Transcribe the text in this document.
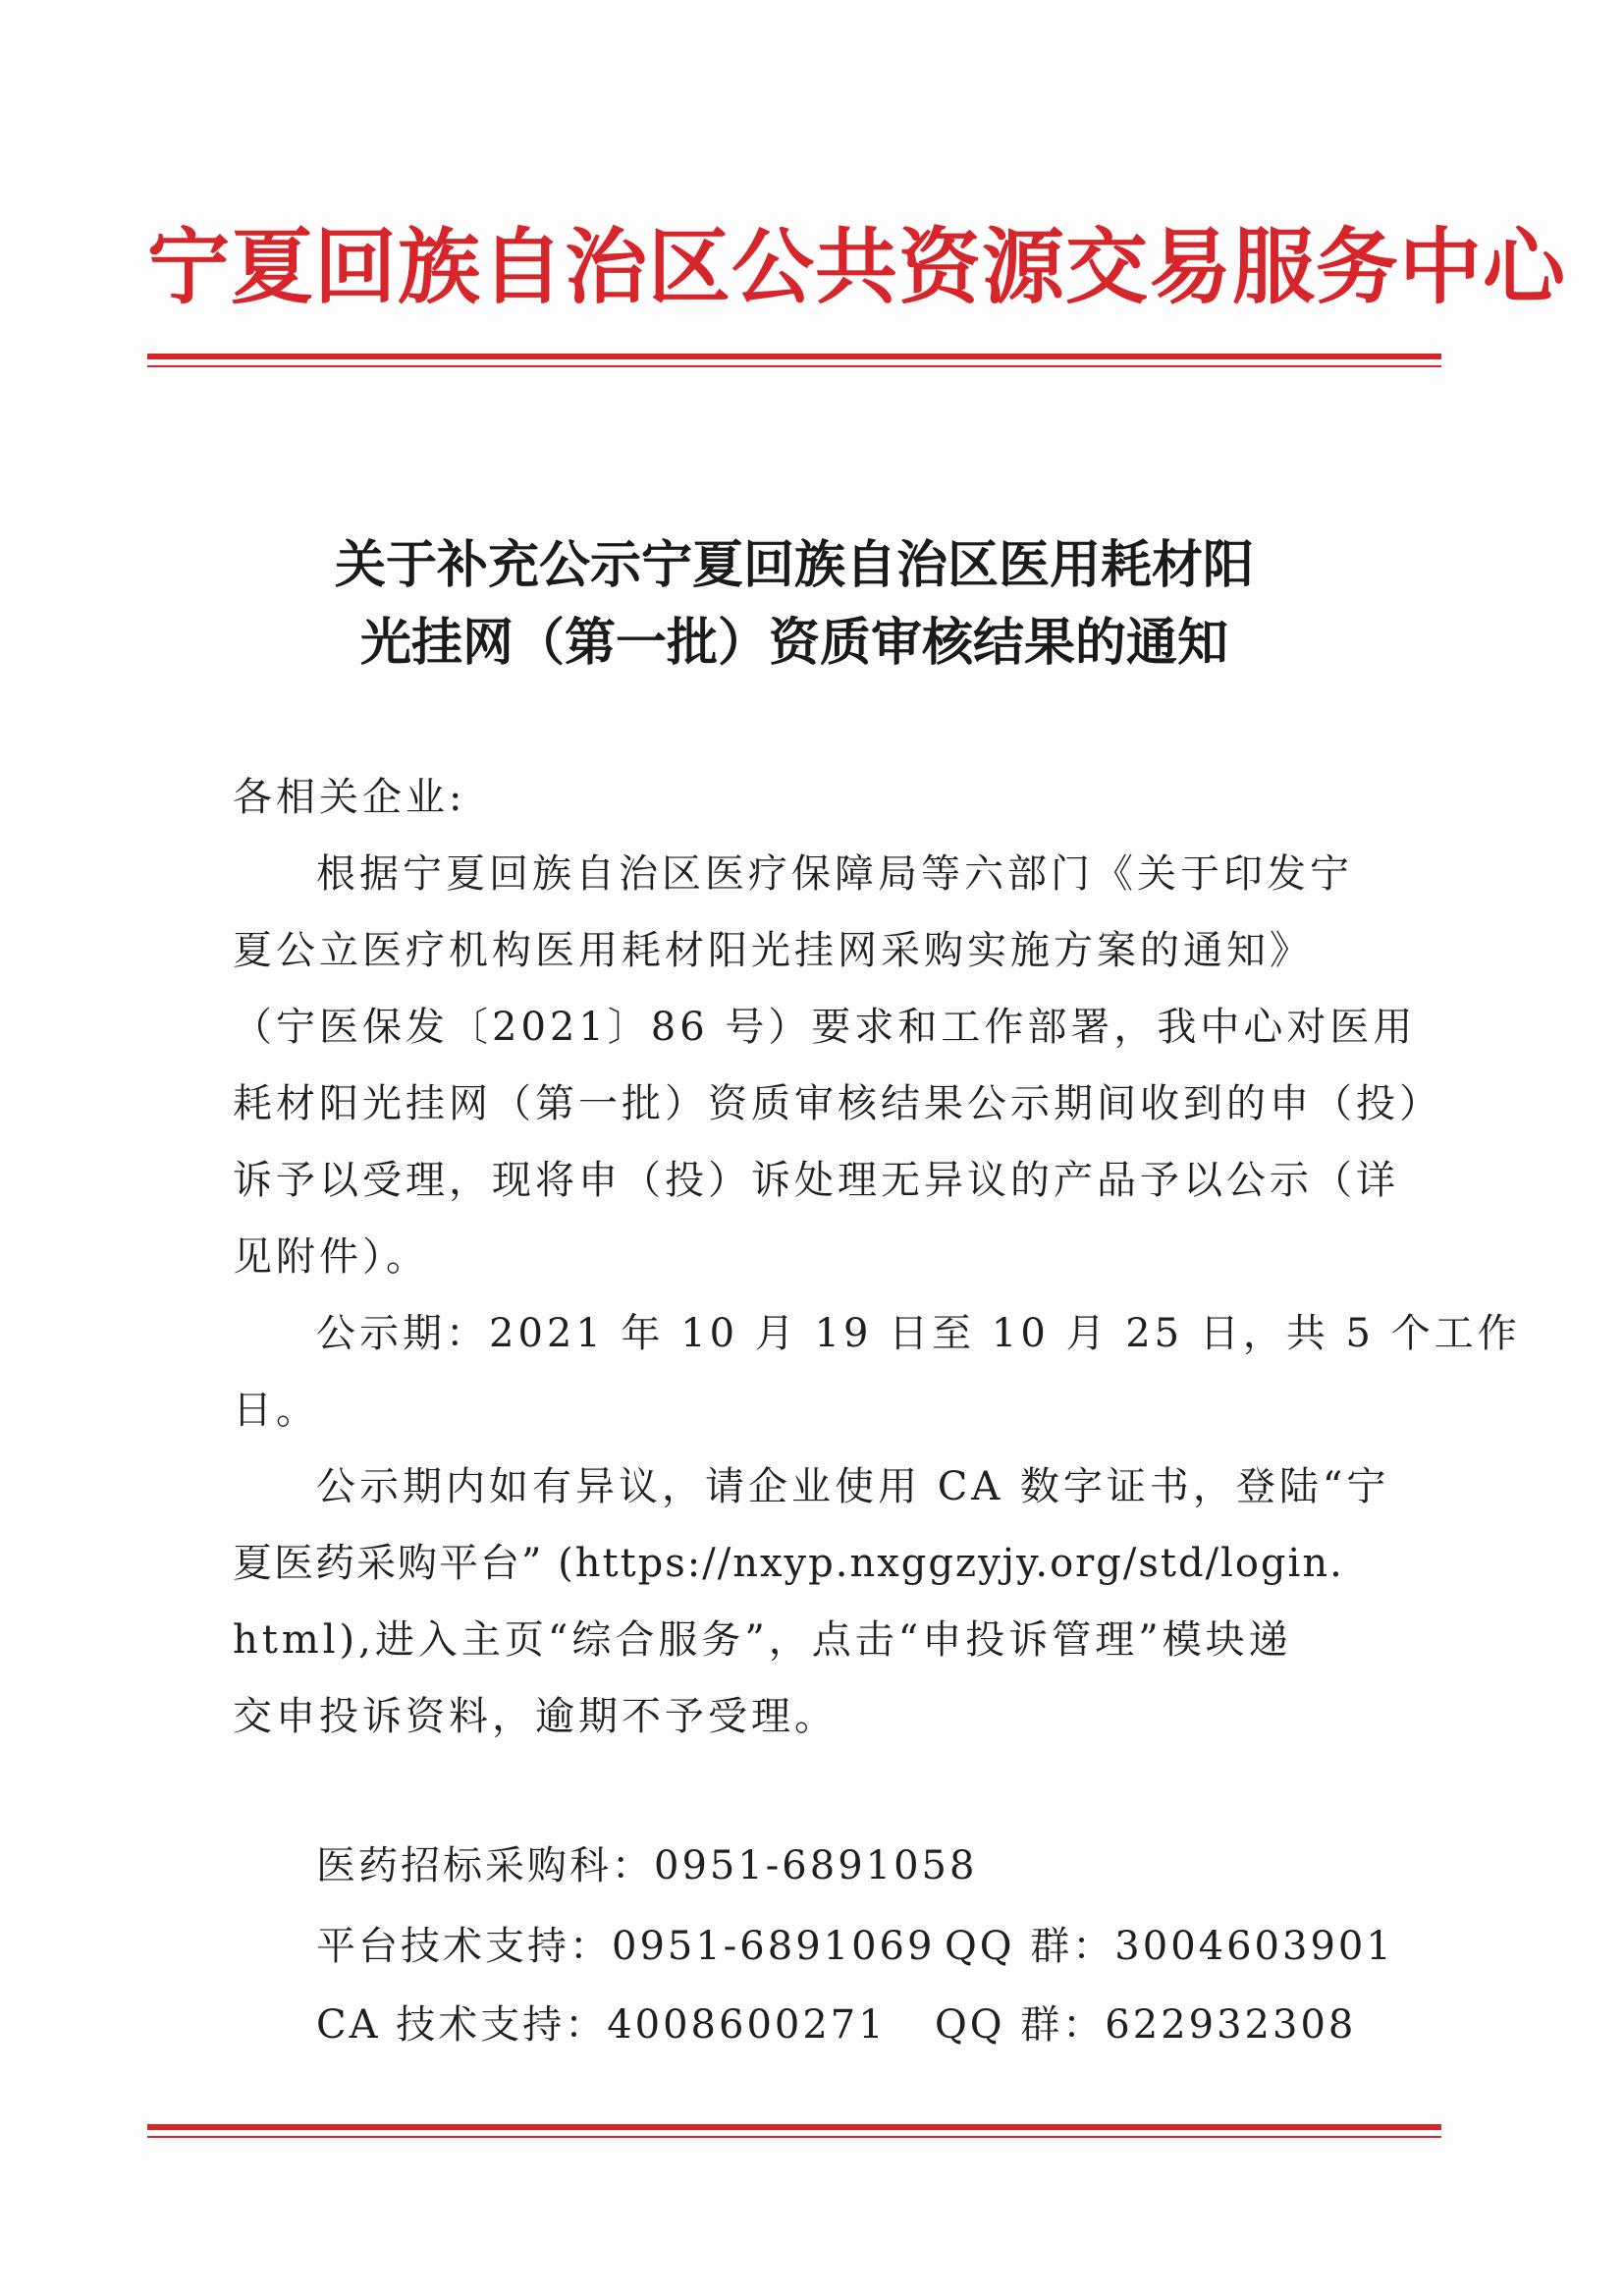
宁夏回族自治区公共资源交易服务中心
关于补充公示宁夏回族自治区医用耗材阳
光挂网（第一批）资质审核结果的通知
各相关企业:
根据宁夏回族自治区医疗保障局等六部门《关于印发宁
夏公立医疗机构医用耗材阳光挂网采购实施方案的通知》
（宁医保发〔2021〕86 号）要求和工作部署，我中心对医用
耗材阳光挂网（第一批）资质审核结果公示期间收到的申（投）
诉予以受理，现将申（投）诉处理无异议的产品予以公示（详
见附件）。
公示期：2021 年 10 月 19 日至 10 月 25 日，共 5 个工作
日。
公示期内如有异议，请企业使用 CA 数字证书，登陆“宁
夏医药采购平台” (https://nxyp.nxggzyjy.org/std/login.
html),进入主页“综合服务”，点击“申投诉管理”模块递
交申投诉资料，逾期不予受理。
医药招标采购科：0951-6891058
平台技术支持：0951-6891069 QQ 群：3004603901
CA 技术支持：4008600271 QQ 群：622932308
